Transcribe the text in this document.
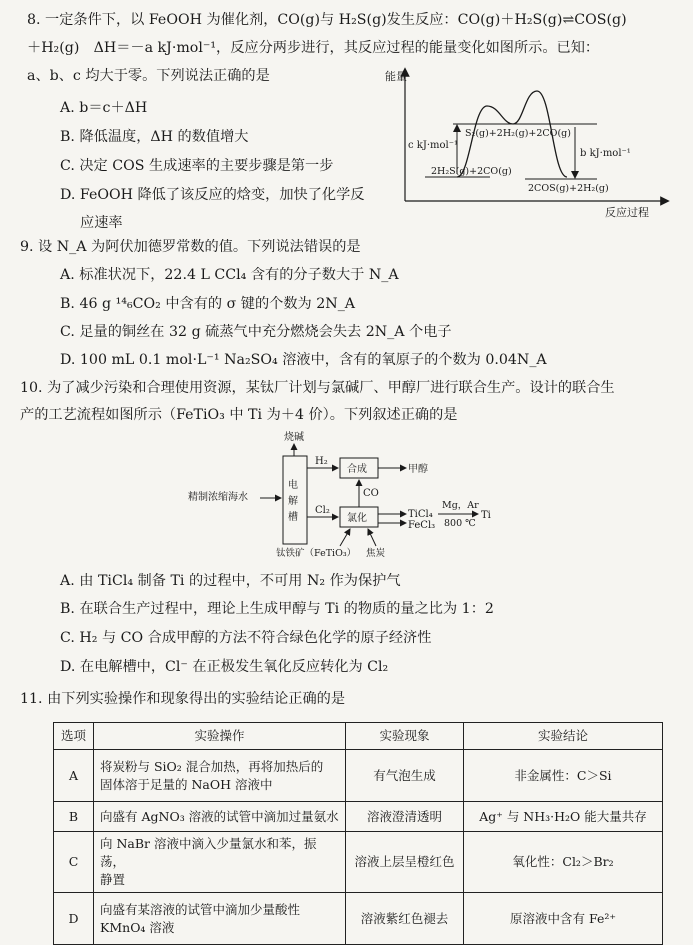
8. 一定条件下，以 FeOOH 为催化剂，CO(g)与 H₂S(g)发生反应：CO(g)＋H₂S(g)⇌COS(g)
＋H₂(g)　ΔH＝－a kJ·mol⁻¹，反应分两步进行，其反应过程的能量变化如图所示。已知：
a、b、c 均大于零。下列说法正确的是
A. b＝c＋ΔH
B. 降低温度，ΔH 的数值增大
C. 决定 COS 生成速率的主要步骤是第一步
D. FeOOH 降低了该反应的焓变，加快了化学反
应速率
能量
反应过程
c kJ·mol⁻¹
b kJ·mol⁻¹
S₂(g)+2H₂(g)+2CO(g)
2H₂S(g)+2CO(g)
2COS(g)+2H₂(g)
9. 设 N_A 为阿伏加德罗常数的值。下列说法错误的是
A. 标准状况下，22.4 L CCl₄ 含有的分子数大于 N_A
B. 46 g ¹⁴₆CO₂ 中含有的 σ 键的个数为 2N_A
C. 足量的铜丝在 32 g 硫蒸气中充分燃烧会失去 2N_A 个电子
D. 100 mL 0.1 mol·L⁻¹ Na₂SO₄ 溶液中，含有的氧原子的个数为 0.04N_A
10. 为了减少污染和合理使用资源，某钛厂计划与氯碱厂、甲醇厂进行联合生产。设计的联合生
产的工艺流程如图所示（FeTiO₃ 中 Ti 为＋4 价）。下列叙述正确的是
烧碱
电
解
槽
精制浓缩海水
H₂
Cl₂
合成
氯化
CO
甲醇
TiCl₄
FeCl₃
Mg，Ar
800 ℃
Ti
钛铁矿（FeTiO₃） 焦炭
A. 由 TiCl₄ 制备 Ti 的过程中，不可用 N₂ 作为保护气
B. 在联合生产过程中，理论上生成甲醇与 Ti 的物质的量之比为 1：2
C. H₂ 与 CO 合成甲醇的方法不符合绿色化学的原子经济性
D. 在电解槽中，Cl⁻ 在正极发生氧化反应转化为 Cl₂
11. 由下列实验操作和现象得出的实验结论正确的是
选项	实验操作	实验现象	实验结论
A	将炭粉与 SiO₂ 混合加热，再将加热后的
固体溶于足量的 NaOH 溶液中	有气泡生成	非金属性：C＞Si
B	向盛有 AgNO₃ 溶液的试管中滴加过量氨水	溶液澄清透明	Ag⁺ 与 NH₃·H₂O 能大量共存
C	向 NaBr 溶液中滴入少量氯水和苯，振荡，
静置	溶液上层呈橙红色	氧化性：Cl₂＞Br₂
D	向盛有某溶液的试管中滴加少量酸性
KMnO₄ 溶液	溶液紫红色褪去	原溶液中含有 Fe²⁺
